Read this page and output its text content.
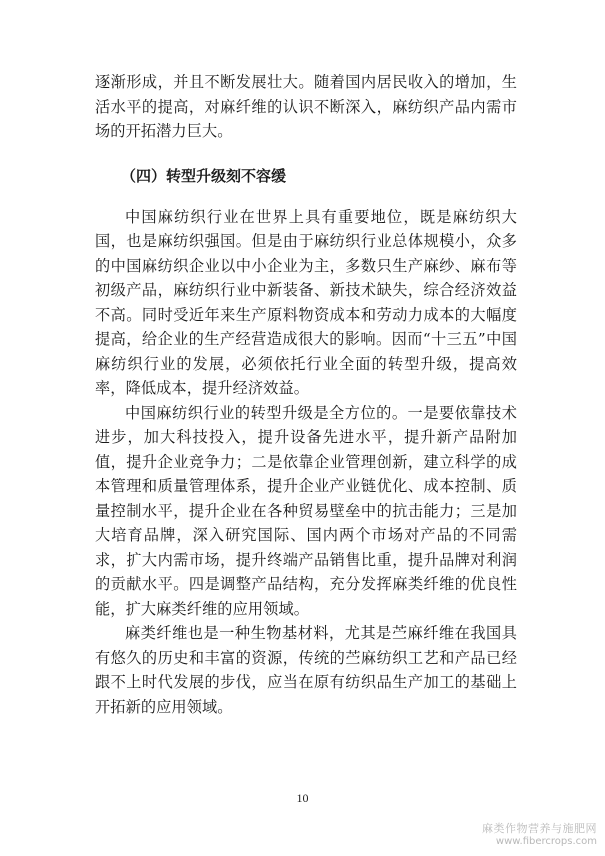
逐渐形成，并且不断发展壮大。随着国内居民收入的增加，生活水平的提高，对麻纤维的认识不断深入，麻纺织产品内需市场的开拓潜力巨大。

（四）转型升级刻不容缓

中国麻纺织行业在世界上具有重要地位，既是麻纺织大国，也是麻纺织强国。但是由于麻纺织行业总体规模小，众多的中国麻纺织企业以中小企业为主，多数只生产麻纱、麻布等初级产品，麻纺织行业中新装备、新技术缺失，综合经济效益不高。同时受近年来生产原料物资成本和劳动力成本的大幅度提高，给企业的生产经营造成很大的影响。因而“十三五”中国麻纺织行业的发展，必须依托行业全面的转型升级，提高效率，降低成本，提升经济效益。

中国麻纺织行业的转型升级是全方位的。一是要依靠技术进步，加大科技投入，提升设备先进水平，提升新产品附加值，提升企业竞争力；二是依靠企业管理创新，建立科学的成本管理和质量管理体系，提升企业产业链优化、成本控制、质量控制水平，提升企业在各种贸易壁垒中的抗击能力；三是加大培育品牌，深入研究国际、国内两个市场对产品的不同需求，扩大内需市场，提升终端产品销售比重，提升品牌对利润的贡献水平。四是调整产品结构，充分发挥麻类纤维的优良性能，扩大麻类纤维的应用领域。

麻类纤维也是一种生物基材料，尤其是苎麻纤维在我国具有悠久的历史和丰富的资源，传统的苎麻纺织工艺和产品已经跟不上时代发展的步伐，应当在原有纺织品生产加工的基础上开拓新的应用领域。

10
麻类作物营养与施肥网
www.fibercrops.com
